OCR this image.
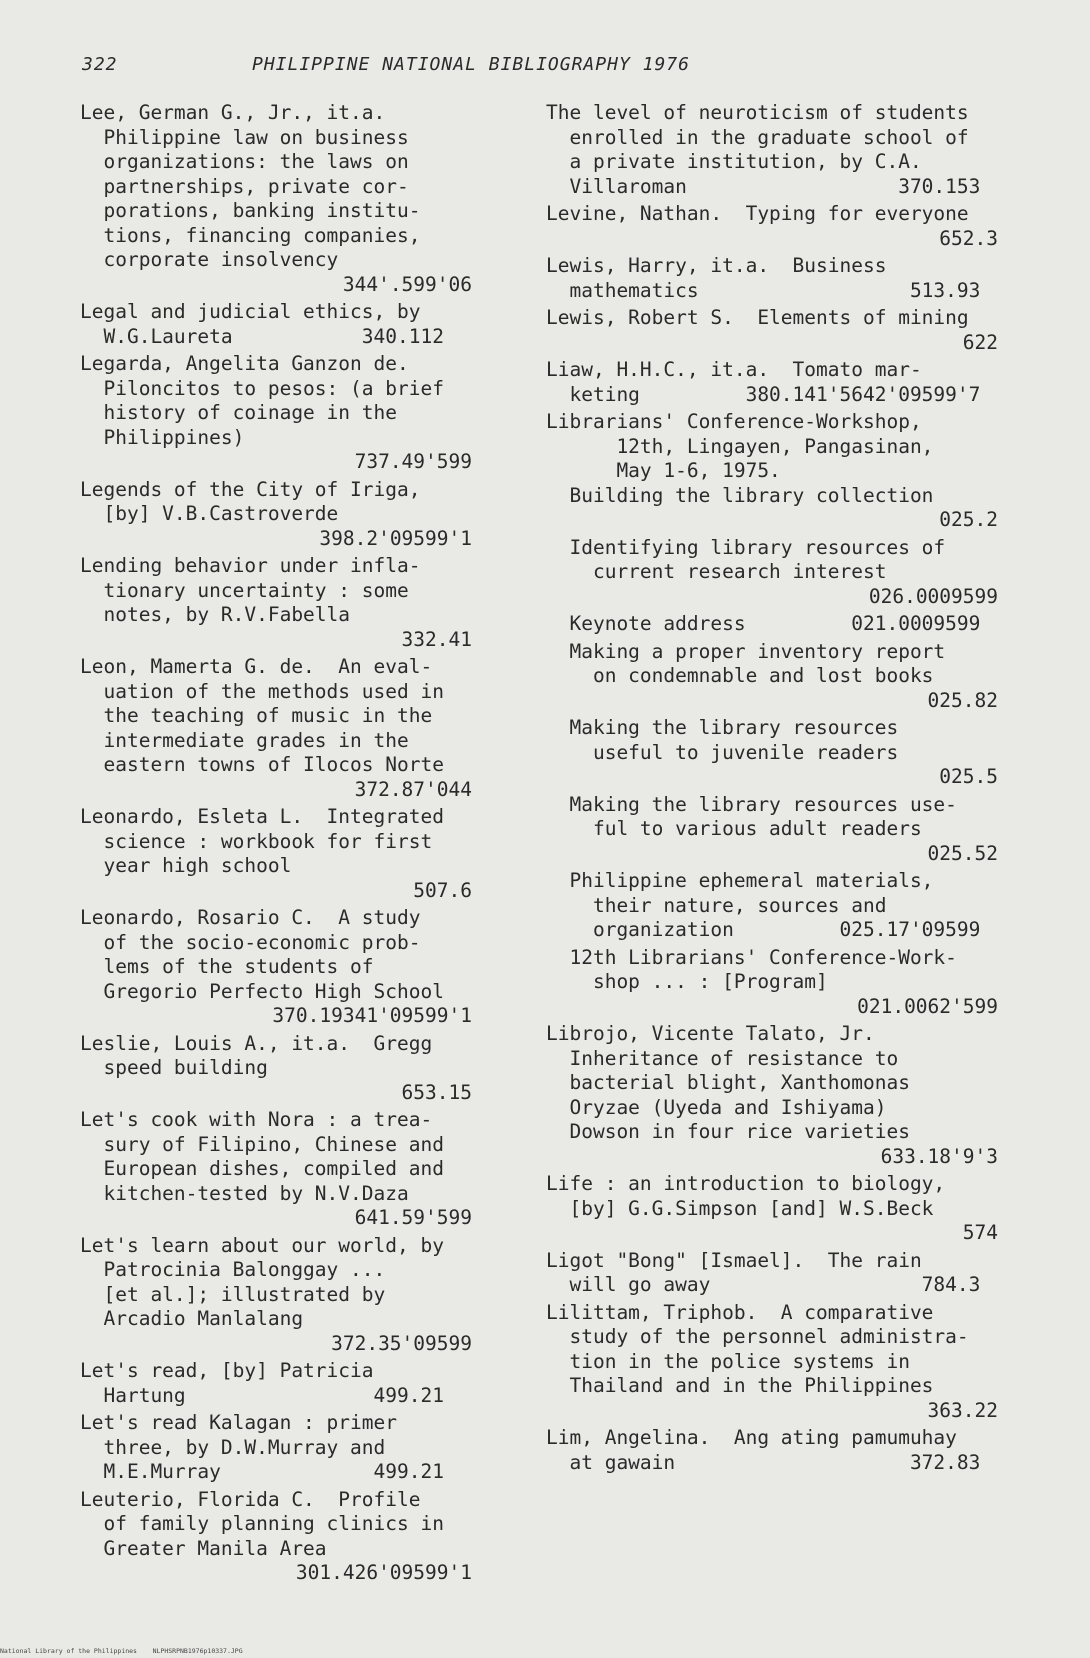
322	PHILIPPINE NATIONAL BIBLIOGRAPHY 1976
Lee, German G., Jr., it.a.
Philippine law on business
organizations: the laws on
partnerships, private cor-
porations, banking institu-
tions, financing companies,
corporate insolvency
344'.599'06
Legal and judicial ethics, by
W.G.Laureta           340.112
Legarda, Angelita Ganzon de.
Piloncitos to pesos: (a brief
history of coinage in the
Philippines)
737.49'599
Legends of the City of Iriga,
[by] V.B.Castroverde
398.2'09599'1
Lending behavior under infla-
tionary uncertainty : some
notes, by R.V.Fabella
332.41
Leon, Mamerta G. de.  An eval-
uation of the methods used in
the teaching of music in the
intermediate grades in the
eastern towns of Ilocos Norte
372.87'044
Leonardo, Esleta L.  Integrated
science : workbook for first
year high school
507.6
Leonardo, Rosario C.  A study
of the socio-economic prob-
lems of the students of
Gregorio Perfecto High School
370.19341'09599'1
Leslie, Louis A., it.a.  Gregg
speed building
653.15
Let's cook with Nora : a trea-
sury of Filipino, Chinese and
European dishes, compiled and
kitchen-tested by N.V.Daza
641.59'599
Let's learn about our world, by
Patrocinia Balonggay ...
[et al.]; illustrated by
Arcadio Manlalang
372.35'09599
Let's read, [by] Patricia
Hartung                499.21
Let's read Kalagan : primer
three, by D.W.Murray and
M.E.Murray             499.21
Leuterio, Florida C.  Profile
of family planning clinics in
Greater Manila Area
301.426'09599'1
The level of neuroticism of students
enrolled in the graduate school of
a private institution, by C.A.
Villaroman                  370.153
Levine, Nathan.  Typing for everyone
652.3
Lewis, Harry, it.a.  Business
mathematics                  513.93
Lewis, Robert S.  Elements of mining
622
Liaw, H.H.C., it.a.  Tomato mar-
keting         380.141'5642'09599'7
Librarians' Conference-Workshop,
12th, Lingayen, Pangasinan,
May 1-6, 1975.
Building the library collection
025.2
Identifying library resources of
current research interest
026.0009599
Keynote address         021.0009599
Making a proper inventory report
on condemnable and lost books
025.82
Making the library resources
useful to juvenile readers
025.5
Making the library resources use-
ful to various adult readers
025.52
Philippine ephemeral materials,
their nature, sources and
organization         025.17'09599
12th Librarians' Conference-Work-
shop ... : [Program]
021.0062'599
Librojo, Vicente Talato, Jr.
Inheritance of resistance to
bacterial blight, Xanthomonas
Oryzae (Uyeda and Ishiyama)
Dowson in four rice varieties
633.18'9'3
Life : an introduction to biology,
[by] G.G.Simpson [and] W.S.Beck
574
Ligot "Bong" [Ismael].  The rain
will go away                  784.3
Lilittam, Triphob.  A comparative
study of the personnel administra-
tion in the police systems in
Thailand and in the Philippines
363.22
Lim, Angelina.  Ang ating pamumuhay
at gawain                    372.83
National Library of the Philippines    NLPHSRPNB1976p10337.JPG
